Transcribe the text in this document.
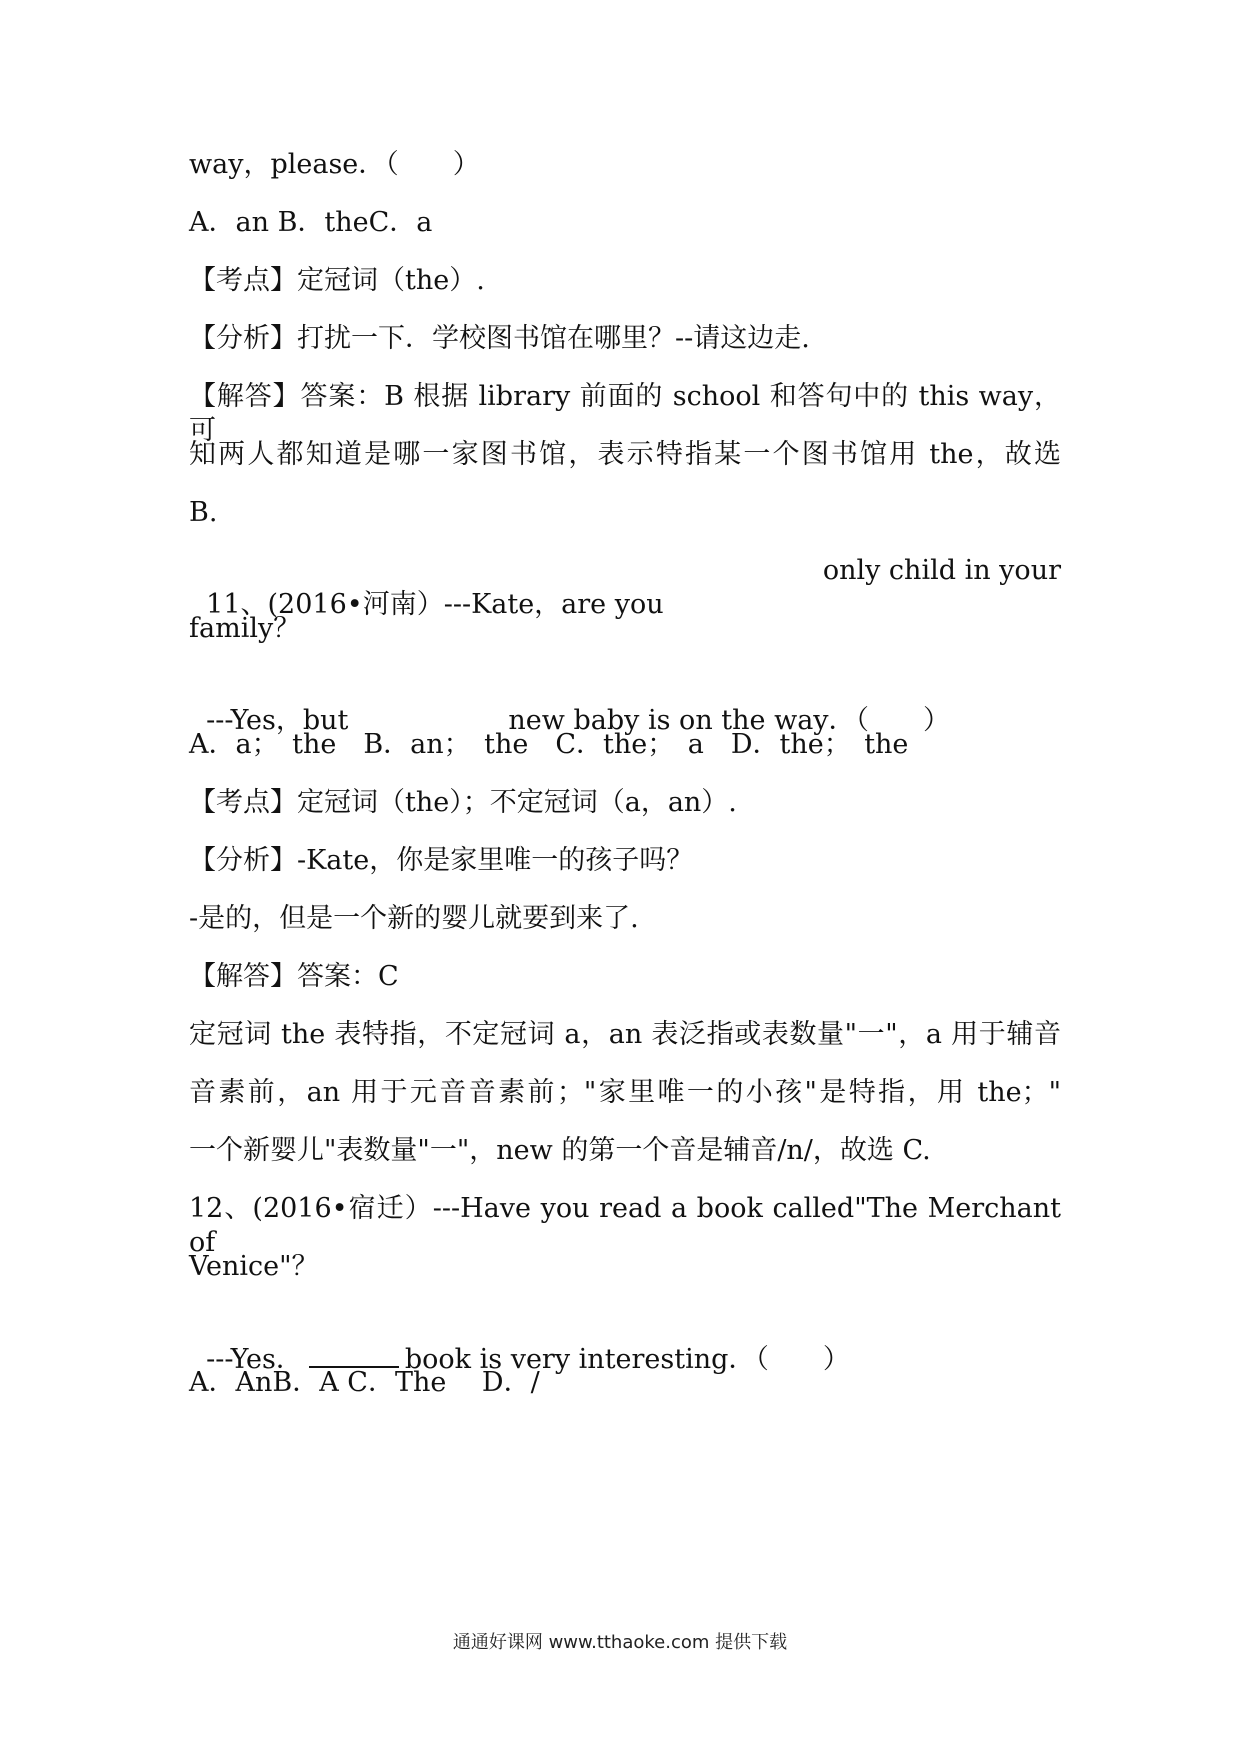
way，please．（　　）

A．an B．theC．a

【考点】定冠词（the）.

【分析】打扰一下．学校图书馆在哪里？--请这边走.

【解答】答案：B 根据 library 前面的 school 和答句中的 this way，可

知两人都知道是哪一家图书馆，表示特指某一个图书馆用 the，故选

B.

11、(2016•河南）---Kate，are you

only child in your

family？

---Yes，but	new baby is on the way．（　　）

A．a；　the　B．an；　the　C．the；　a　D．the；　the

【考点】定冠词（the）；不定冠词（a，an）.

【分析】-Kate，你是家里唯一的孩子吗？

-是的，但是一个新的婴儿就要到来了.

【解答】答案：C

定冠词 the 表特指，不定冠词 a，an 表泛指或表数量"一"，a 用于辅音

音素前，an 用于元音音素前；"家里唯一的小孩"是特指，用 the；"

一个新婴儿"表数量"一"，new 的第一个音是辅音/n/，故选 C.

12、(2016•宿迁）---Have you read a book called"The Merchant of

Venice"？

---Yes．	book is very interesting．（　　）

A．AnB．A C．The　 D．/

通通好课网 www.tthaoke.com 提供下载
